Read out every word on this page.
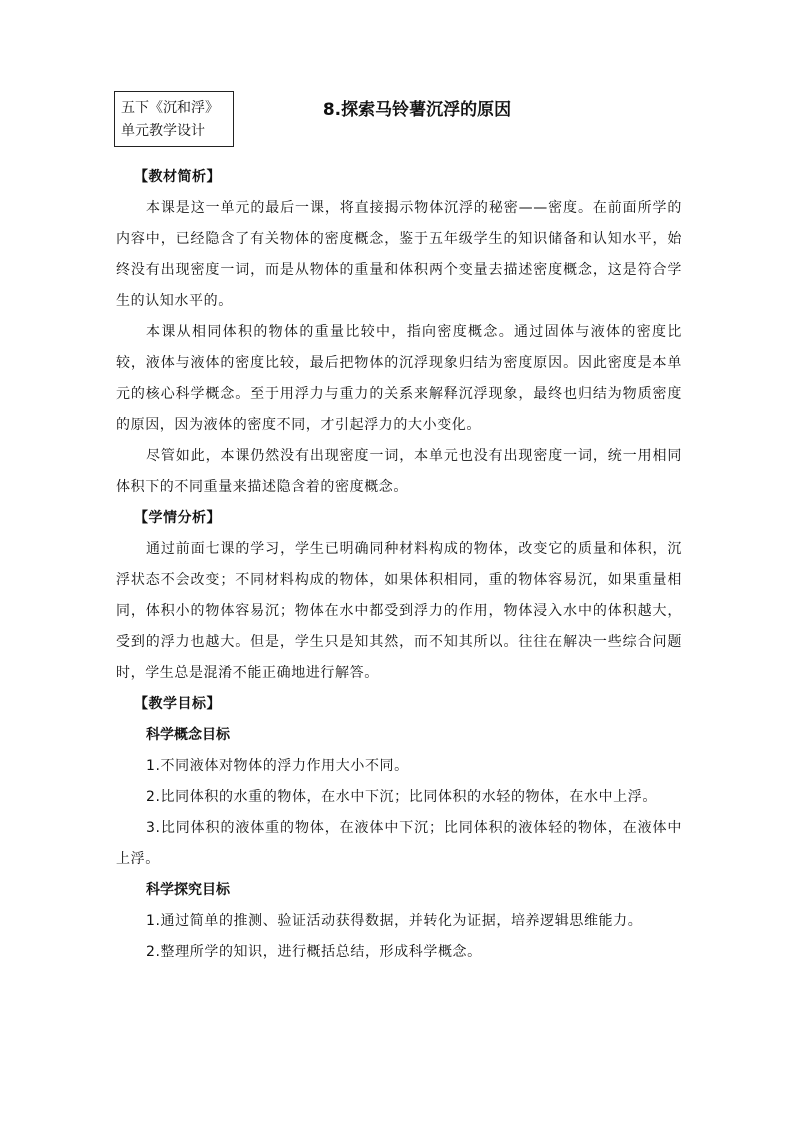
五下《沉和浮》
单元教学设计
8.探索马铃薯沉浮的原因
【教材简析】

本课是这一单元的最后一课，将直接揭示物体沉浮的秘密——密度。在前面所学的内容中，已经隐含了有关物体的密度概念，鉴于五年级学生的知识储备和认知水平，始终没有出现密度一词，而是从物体的重量和体积两个变量去描述密度概念，这是符合学生的认知水平的。

本课从相同体积的物体的重量比较中，指向密度概念。通过固体与液体的密度比较，液体与液体的密度比较，最后把物体的沉浮现象归结为密度原因。因此密度是本单元的核心科学概念。至于用浮力与重力的关系来解释沉浮现象，最终也归结为物质密度的原因，因为液体的密度不同，才引起浮力的大小变化。

尽管如此，本课仍然没有出现密度一词，本单元也没有出现密度一词，统一用相同体积下的不同重量来描述隐含着的密度概念。

【学情分析】

通过前面七课的学习，学生已明确同种材料构成的物体，改变它的质量和体积，沉浮状态不会改变；不同材料构成的物体，如果体积相同，重的物体容易沉，如果重量相同，体积小的物体容易沉；物体在水中都受到浮力的作用，物体浸入水中的体积越大，受到的浮力也越大。但是，学生只是知其然，而不知其所以。往往在解决一些综合问题时，学生总是混淆不能正确地进行解答。

【教学目标】
科学概念目标

1.不同液体对物体的浮力作用大小不同。

2.比同体积的水重的物体，在水中下沉；比同体积的水轻的物体，在水中上浮。

3.比同体积的液体重的物体，在液体中下沉；比同体积的液体轻的物体，在液体中上浮。

科学探究目标

1.通过简单的推测、验证活动获得数据，并转化为证据，培养逻辑思维能力。

2.整理所学的知识，进行概括总结，形成科学概念。
